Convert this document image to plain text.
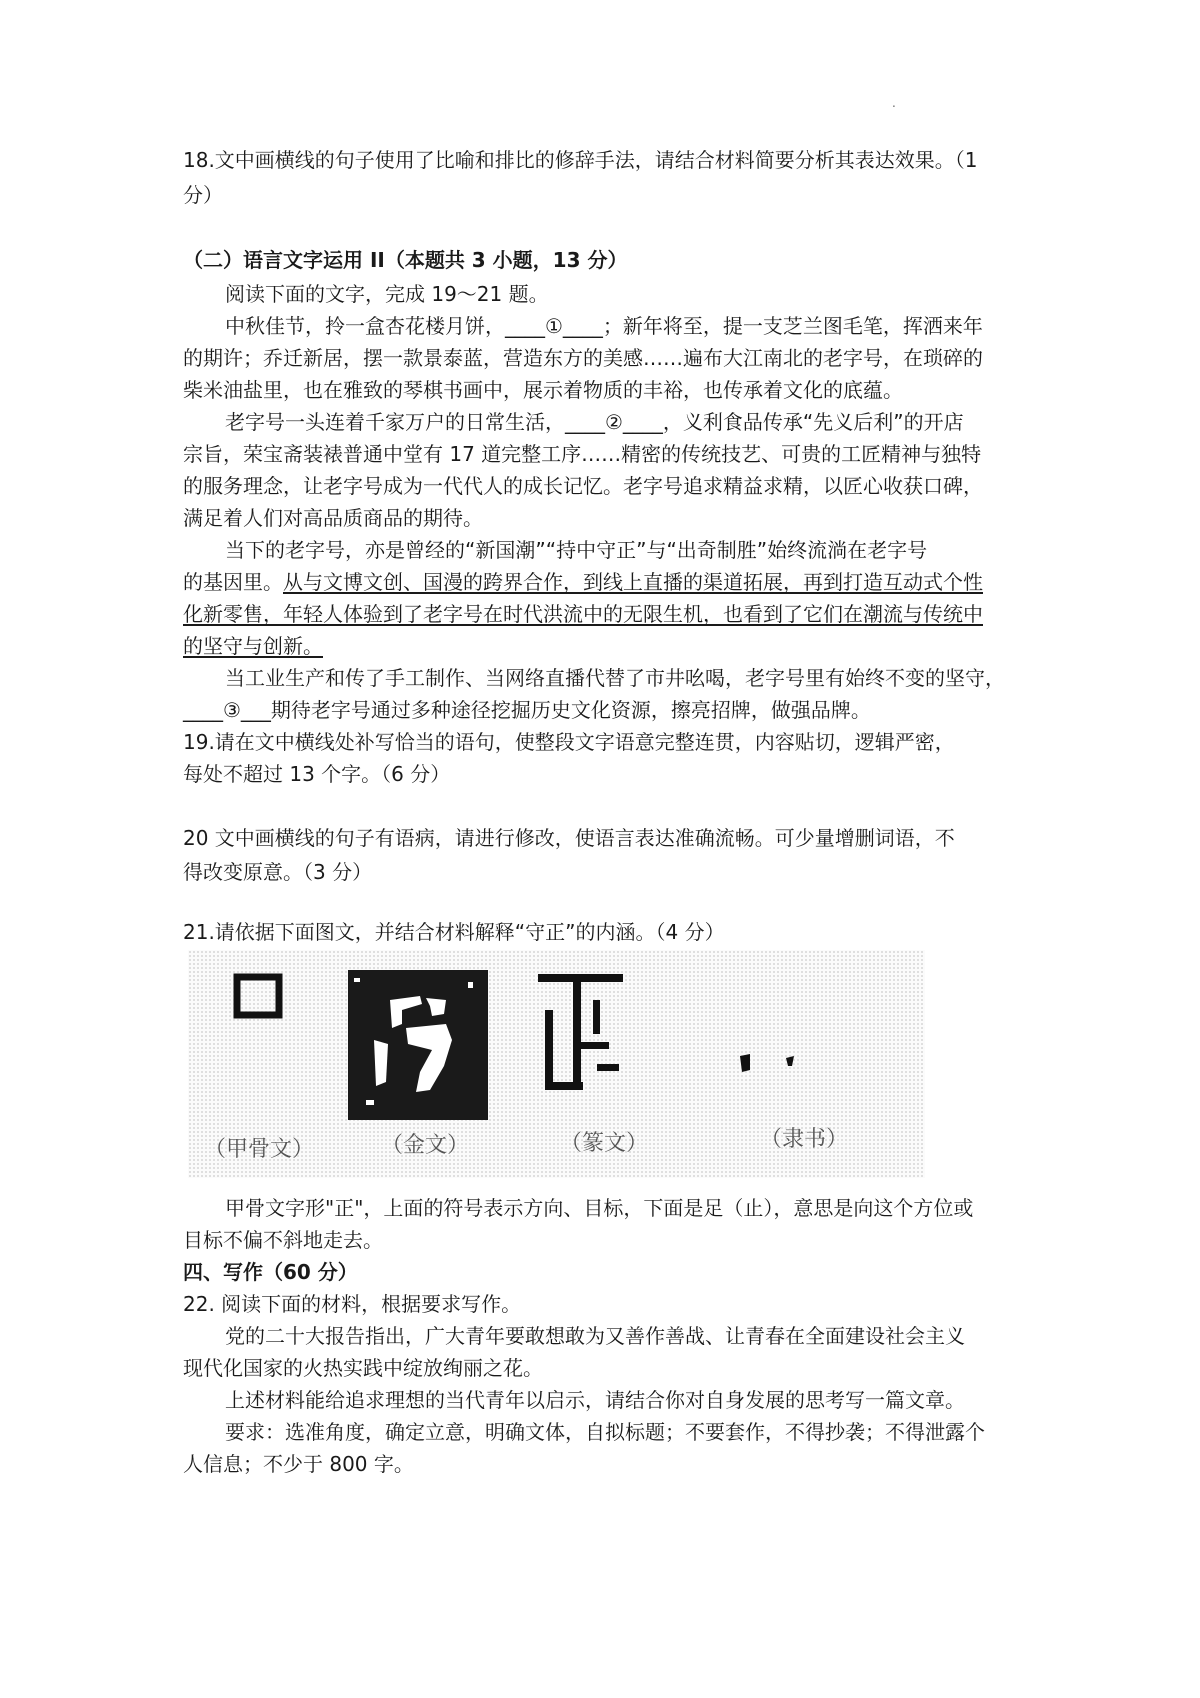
.
18.文中画横线的句子使用了比喻和排比的修辞手法，请结合材料简要分析其表达效果。（1
分）
（二）语言文字运用 II（本题共 3 小题，13 分）
阅读下面的文字，完成 19～21 题。
中秋佳节，拎一盒杏花楼月饼，____①____；新年将至，提一支芝兰图毛笔，挥洒来年
的期许；乔迁新居，摆一款景泰蓝，营造东方的美感……遍布大江南北的老字号，在琐碎的
柴米油盐里，也在雅致的琴棋书画中，展示着物质的丰裕，也传承着文化的底蕴。
老字号一头连着千家万户的日常生活，____②____，义利食品传承“先义后利”的开店
宗旨，荣宝斋装裱普通中堂有 17 道完整工序……精密的传统技艺、可贵的工匠精神与独特
的服务理念，让老字号成为一代代人的成长记忆。老字号追求精益求精，以匠心收获口碑，
满足着人们对高品质商品的期待。
当下的老字号，亦是曾经的“新国潮”“持中守正”与“出奇制胜”始终流淌在老字号
的基因里。从与文博文创、国漫的跨界合作，到线上直播的渠道拓展，再到打造互动式个性
化新零售，年轻人体验到了老字号在时代洪流中的无限生机，也看到了它们在潮流与传统中
的坚守与创新。
当工业生产和传了手工制作、当网络直播代替了市井吆喝，老字号里有始终不变的坚守，
____③___期待老字号通过多种途径挖掘历史文化资源，擦亮招牌，做强品牌。
19.请在文中横线处补写恰当的语句，使整段文字语意完整连贯，内容贴切，逻辑严密，
每处不超过 13 个字。（6 分）
20 文中画横线的句子有语病，请进行修改，使语言表达准确流畅。可少量增删词语，不
得改变原意。（3 分）
21.请依据下面图文，并结合材料解释“守正”的内涵。（4 分）
（甲骨文）	（金文）	（篆文）	（隶书）
甲骨文字形"正"，上面的符号表示方向、目标，下面是足（止），意思是向这个方位或
目标不偏不斜地走去。
四、写作（60 分）
22. 阅读下面的材料，根据要求写作。
党的二十大报告指出，广大青年要敢想敢为又善作善战、让青春在全面建设社会主义
现代化国家的火热实践中绽放绚丽之花。
上述材料能给追求理想的当代青年以启示，请结合你对自身发展的思考写一篇文章。
要求：选准角度，确定立意，明确文体，自拟标题；不要套作，不得抄袭；不得泄露个
人信息；不少于 800 字。
